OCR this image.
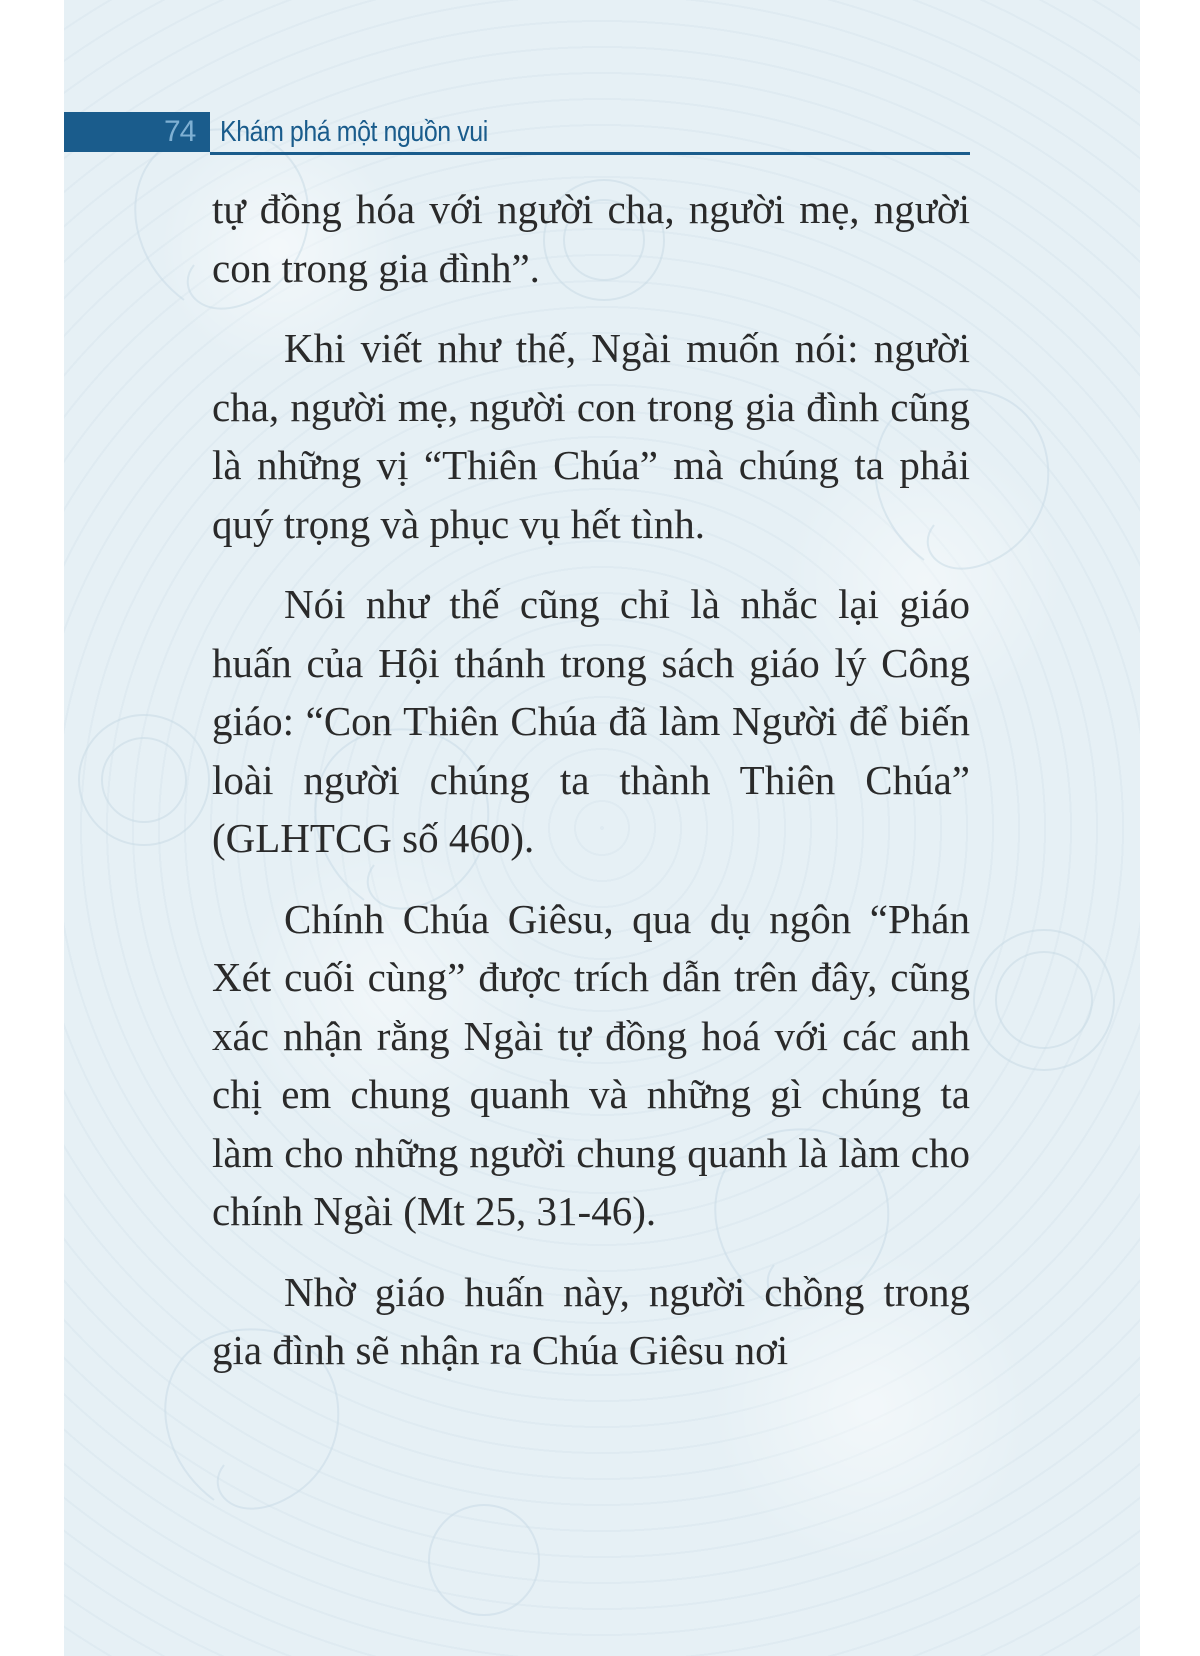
74 Khám phá một nguồn vui

tự đồng hóa với người cha, người mẹ, người con trong gia đình”.

Khi viết như thế, Ngài muốn nói: người cha, người mẹ, người con trong gia đình cũng là những vị “Thiên Chúa” mà chúng ta phải quý trọng và phục vụ hết tình.

Nói như thế cũng chỉ là nhắc lại giáo huấn của Hội thánh trong sách giáo lý Công giáo: “Con Thiên Chúa đã làm Người để biến loài người chúng ta thành Thiên Chúa” (GLHTCG số 460).

Chính Chúa Giêsu, qua dụ ngôn “Phán Xét cuối cùng” được trích dẫn trên đây, cũng xác nhận rằng Ngài tự đồng hoá với các anh chị em chung quanh và những gì chúng ta làm cho những người chung quanh là làm cho chính Ngài (Mt 25, 31-46).

Nhờ giáo huấn này, người chồng trong gia đình sẽ nhận ra Chúa Giêsu nơi
